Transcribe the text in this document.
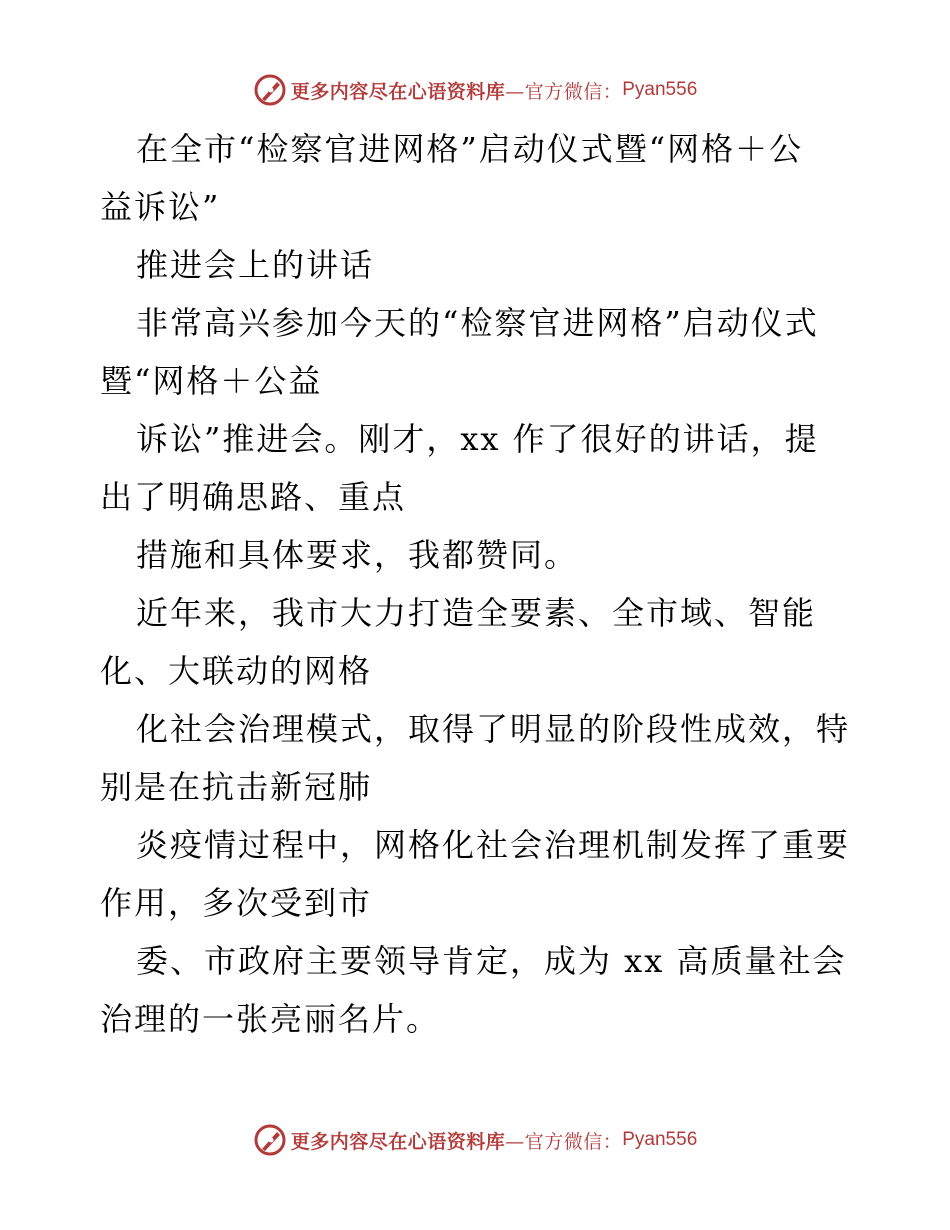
更多内容尽在心语资料库—官方微信： Pyan556
在全市“检察官进网格”启动仪式暨“网格＋公
益诉讼”
推进会上的讲话
非常高兴参加今天的“检察官进网格”启动仪式
暨“网格＋公益
诉讼”推进会。刚才，xx 作了很好的讲话，提
出了明确思路、重点
措施和具体要求，我都赞同。
近年来，我市大力打造全要素、全市域、智能
化、大联动的网格
化社会治理模式，取得了明显的阶段性成效，特
别是在抗击新冠肺
炎疫情过程中，网格化社会治理机制发挥了重要
作用，多次受到市
委、市政府主要领导肯定，成为 xx 高质量社会
治理的一张亮丽名片。
更多内容尽在心语资料库—官方微信： Pyan556
